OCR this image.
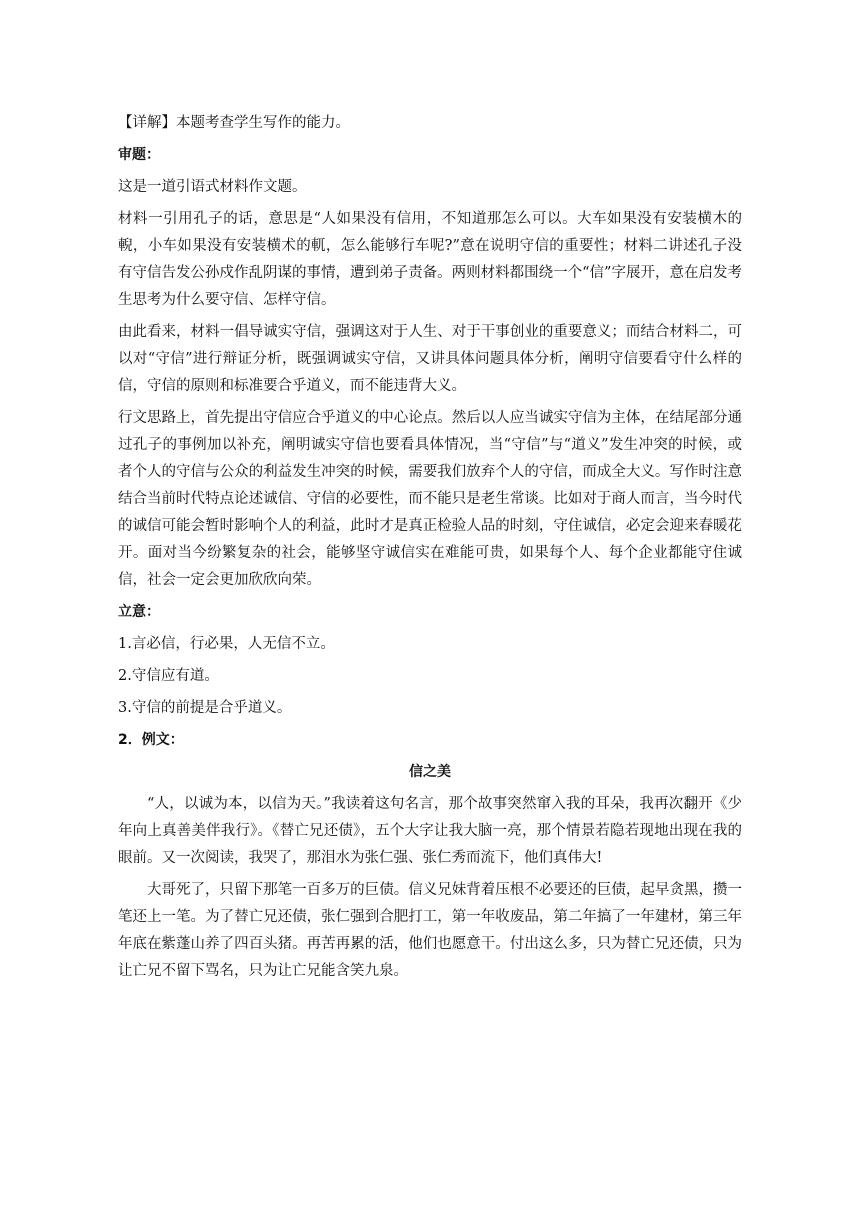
【详解】本题考查学生写作的能力。

审题：

这是一道引语式材料作文题。

材料一引用孔子的话，意思是“人如果没有信用，不知道那怎么可以。大车如果没有安装横木的輗，小车如果没有安装横术的軏，怎么能够行车呢?”意在说明守信的重要性；材料二讲述孔子没有守信告发公孙戍作乱阴谋的事情，遭到弟子责备。两则材料都围绕一个“信”字展开，意在启发考生思考为什么要守信、怎样守信。

由此看来，材料一倡导诚实守信，强调这对于人生、对于干事创业的重要意义；而结合材料二，可以对“守信”进行辩证分析，既强调诚实守信，又讲具体问题具体分析，阐明守信要看守什么样的信，守信的原则和标准要合乎道义，而不能违背大义。

行文思路上，首先提出守信应合乎道义的中心论点。然后以人应当诚实守信为主体，在结尾部分通过孔子的事例加以补充，阐明诚实守信也要看具体情况，当“守信”与“道义”发生冲突的时候，或者个人的守信与公众的利益发生冲突的时候，需要我们放弃个人的守信，而成全大义。写作时注意结合当前时代特点论述诚信、守信的必要性，而不能只是老生常谈。比如对于商人而言，当今时代的诚信可能会暂时影响个人的利益，此时才是真正检验人品的时刻，守住诚信，必定会迎来春暖花开。面对当今纷繁复杂的社会，能够坚守诚信实在难能可贵，如果每个人、每个企业都能守住诚信，社会一定会更加欣欣向荣。

立意：

1.言必信，行必果，人无信不立。

2.守信应有道。

3.守信的前提是合乎道义。

2．例文：

信之美

“人，以诚为本，以信为天。”我读着这句名言，那个故事突然窜入我的耳朵，我再次翻开《少年向上真善美伴我行》。《替亡兄还债》，五个大字让我大脑一亮，那个情景若隐若现地出现在我的眼前。又一次阅读，我哭了，那泪水为张仁强、张仁秀而流下，他们真伟大!

大哥死了，只留下那笔一百多万的巨债。信义兄妹背着压根不必要还的巨债，起早贪黑，攒一笔还上一笔。为了替亡兄还债，张仁强到合肥打工，第一年收废品，第二年搞了一年建材，第三年年底在紫蓬山养了四百头猪。再苦再累的活，他们也愿意干。付出这么多，只为替亡兄还债，只为让亡兄不留下骂名，只为让亡兄能含笑九泉。
